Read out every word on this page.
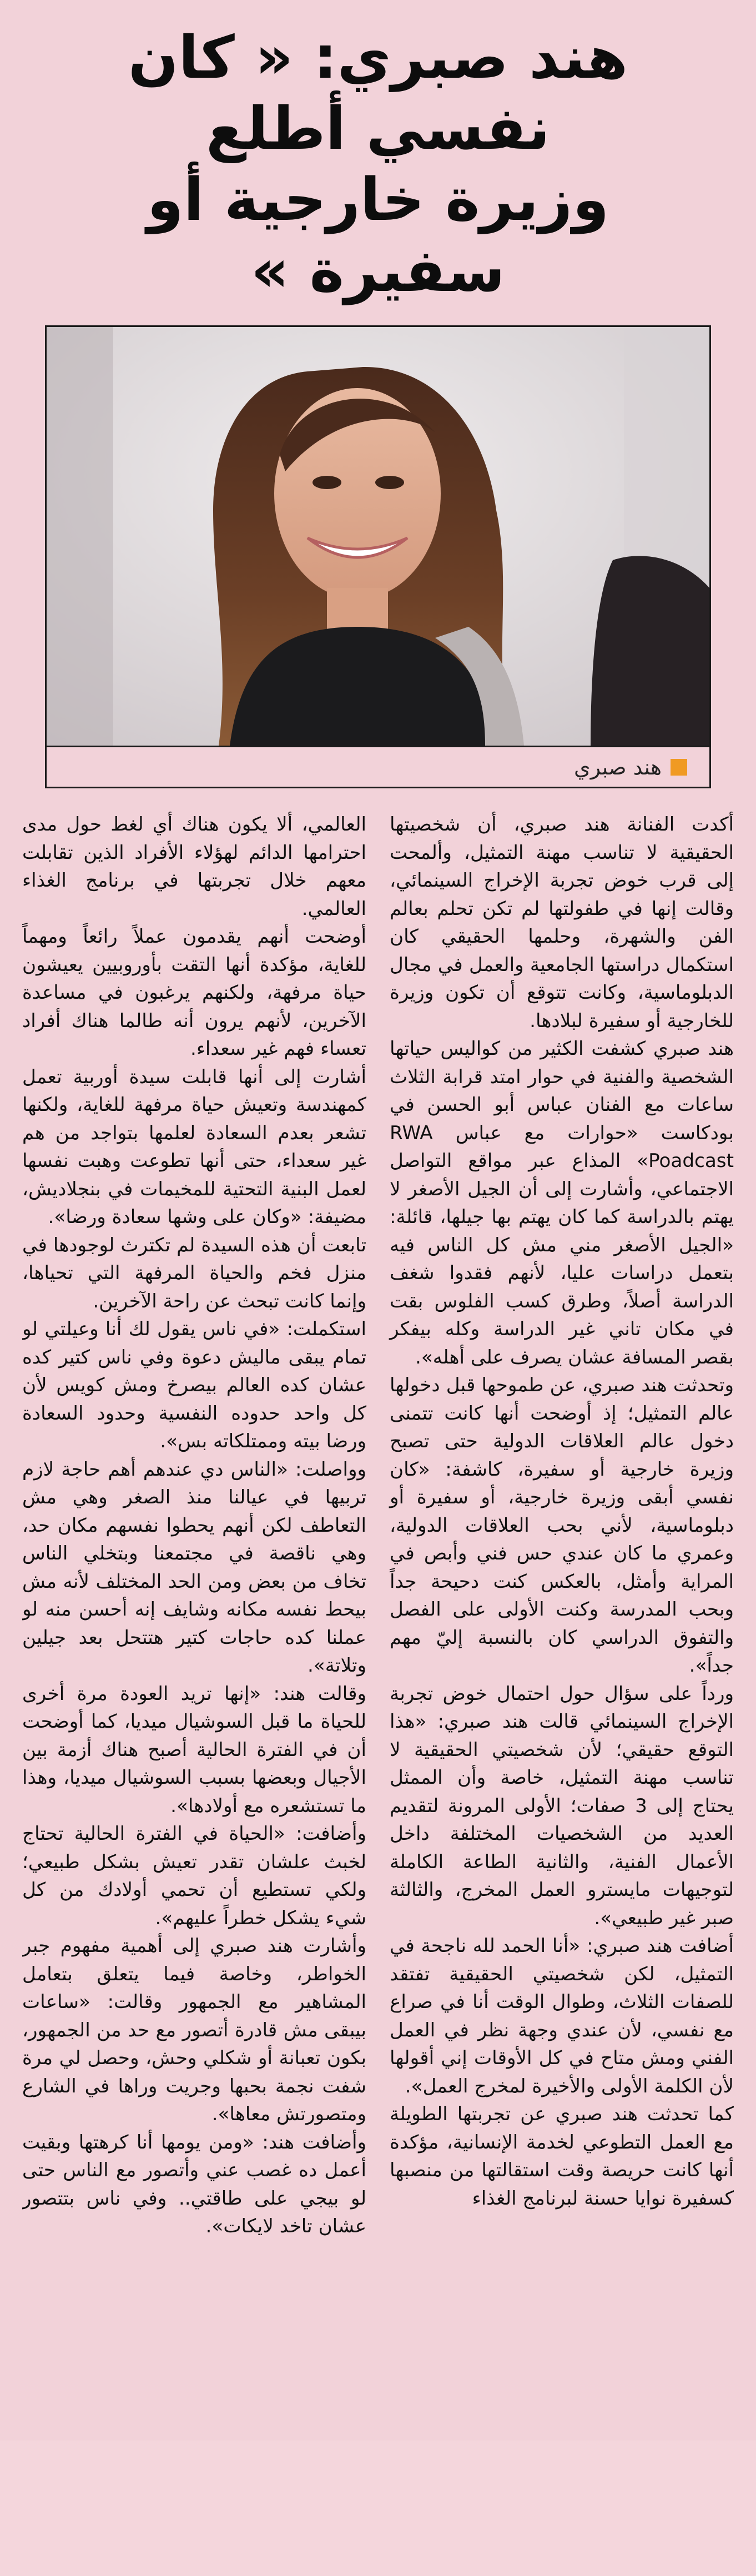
هند صبري: « كان نفسي أطلع
وزيرة خارجية أو سفيرة »
هند صبري

أكدت الفنانة هند صبري، أن شخصيتها الحقيقية لا تناسب مهنة التمثيل، وألمحت إلى قرب خوض تجربة الإخراج السينمائي، وقالت إنها في طفولتها لم تكن تحلم بعالم الفن والشهرة، وحلمها الحقيقي كان استكمال دراستها الجامعية والعمل في مجال الدبلوماسية، وكانت تتوقع أن تكون وزيرة للخارجية أو سفيرة لبلادها.

هند صبري كشفت الكثير من كواليس حياتها الشخصية والفنية في حوار امتد قرابة الثلاث ساعات مع الفنان عباس أبو الحسن في بودكاست «حوارات مع عباس RWA Poadcast» المذاع عبر مواقع التواصل الاجتماعي، وأشارت إلى أن الجيل الأصغر لا يهتم بالدراسة كما كان يهتم بها جيلها، قائلة: «الجيل الأصغر مني مش كل الناس فيه بتعمل دراسات عليا، لأنهم فقدوا شغف الدراسة أصلاً، وطرق كسب الفلوس بقت في مكان تاني غير الدراسة وكله بيفكر بقصر المسافة عشان يصرف على أهله».

وتحدثت هند صبري، عن طموحها قبل دخولها عالم التمثيل؛ إذ أوضحت أنها كانت تتمنى دخول عالم العلاقات الدولية حتى تصبح وزيرة خارجية أو سفيرة، كاشفة: «كان نفسي أبقى وزيرة خارجية، أو سفيرة أو دبلوماسية، لأني بحب العلاقات الدولية، وعمري ما كان عندي حس فني وأبص في المراية وأمثل، بالعكس كنت دحيحة جداً وبحب المدرسة وكنت الأولى على الفصل والتفوق الدراسي كان بالنسبة إليّ مهم جداً».

ورداً على سؤال حول احتمال خوض تجربة الإخراج السينمائي قالت هند صبري: «هذا التوقع حقيقي؛ لأن شخصيتي الحقيقية لا تناسب مهنة التمثيل، خاصة وأن الممثل يحتاج إلى 3 صفات؛ الأولى المرونة لتقديم العديد من الشخصيات المختلفة داخل الأعمال الفنية، والثانية الطاعة الكاملة لتوجيهات مايسترو العمل المخرج، والثالثة صبر غير طبيعي».

أضافت هند صبري: «أنا الحمد لله ناجحة في التمثيل، لكن شخصيتي الحقيقية تفتقد للصفات الثلاث، وطوال الوقت أنا في صراع مع نفسي، لأن عندي وجهة نظر في العمل الفني ومش متاح في كل الأوقات إني أقولها لأن الكلمة الأولى والأخيرة لمخرج العمل».

كما تحدثت هند صبري عن تجربتها الطويلة مع العمل التطوعي لخدمة الإنسانية، مؤكدة أنها كانت حريصة وقت استقالتها من منصبها كسفيرة نوايا حسنة لبرنامج الغذاء

العالمي، ألا يكون هناك أي لغط حول مدى احترامها الدائم لهؤلاء الأفراد الذين تقابلت معهم خلال تجربتها في برنامج الغذاء العالمي.

أوضحت أنهم يقدمون عملاً رائعاً ومهماً للغاية، مؤكدة أنها التقت بأوروبيين يعيشون حياة مرفهة، ولكنهم يرغبون في مساعدة الآخرين، لأنهم يرون أنه طالما هناك أفراد تعساء فهم غير سعداء.

أشارت إلى أنها قابلت سيدة أوربية تعمل كمهندسة وتعيش حياة مرفهة للغاية، ولكنها تشعر بعدم السعادة لعلمها بتواجد من هم غير سعداء، حتى أنها تطوعت وهبت نفسها لعمل البنية التحتية للمخيمات في بنجلاديش، مضيفة: «وكان على وشها سعادة ورضا».

تابعت أن هذه السيدة لم تكترث لوجودها في منزل فخم والحياة المرفهة التي تحياها، وإنما كانت تبحث عن راحة الآخرين.

استكملت: «في ناس يقول لك أنا وعيلتي لو تمام يبقى ماليش دعوة وفي ناس كتير كده عشان كده العالم بيصرخ ومش كويس لأن كل واحد حدوده النفسية وحدود السعادة ورضا بيته وممتلكاته بس».

وواصلت: «الناس دي عندهم أهم حاجة لازم تربيها في عيالنا منذ الصغر وهي مش التعاطف لكن أنهم يحطوا نفسهم مكان حد، وهي ناقصة في مجتمعنا وبتخلي الناس تخاف من بعض ومن الحد المختلف لأنه مش بيحط نفسه مكانه وشايف إنه أحسن منه لو عملنا كده حاجات كتير هتتحل بعد جيلين وتلاتة».

وقالت هند: «إنها تريد العودة مرة أخرى للحياة ما قبل السوشيال ميديا، كما أوضحت أن في الفترة الحالية أصبح هناك أزمة بين الأجيال وبعضها بسبب السوشيال ميديا، وهذا ما تستشعره مع أولادها».

وأضافت: «الحياة في الفترة الحالية تحتاج لخبث علشان تقدر تعيش بشكل طبيعي؛ ولكي تستطيع أن تحمي أولادك من كل شيء يشكل خطراً عليهم».

وأشارت هند صبري إلى أهمية مفهوم جبر الخواطر، وخاصة فيما يتعلق بتعامل المشاهير مع الجمهور وقالت: «ساعات بيبقى مش قادرة أتصور مع حد من الجمهور، بكون تعبانة أو شكلي وحش، وحصل لي مرة شفت نجمة بحبها وجريت وراها في الشارع ومتصورتش معاها».

وأضافت هند: «ومن يومها أنا كرهتها وبقيت أعمل ده غصب عني وأتصور مع الناس حتى لو بيجي على طاقتي.. وفي ناس بتتصور عشان تاخد لايكات».
